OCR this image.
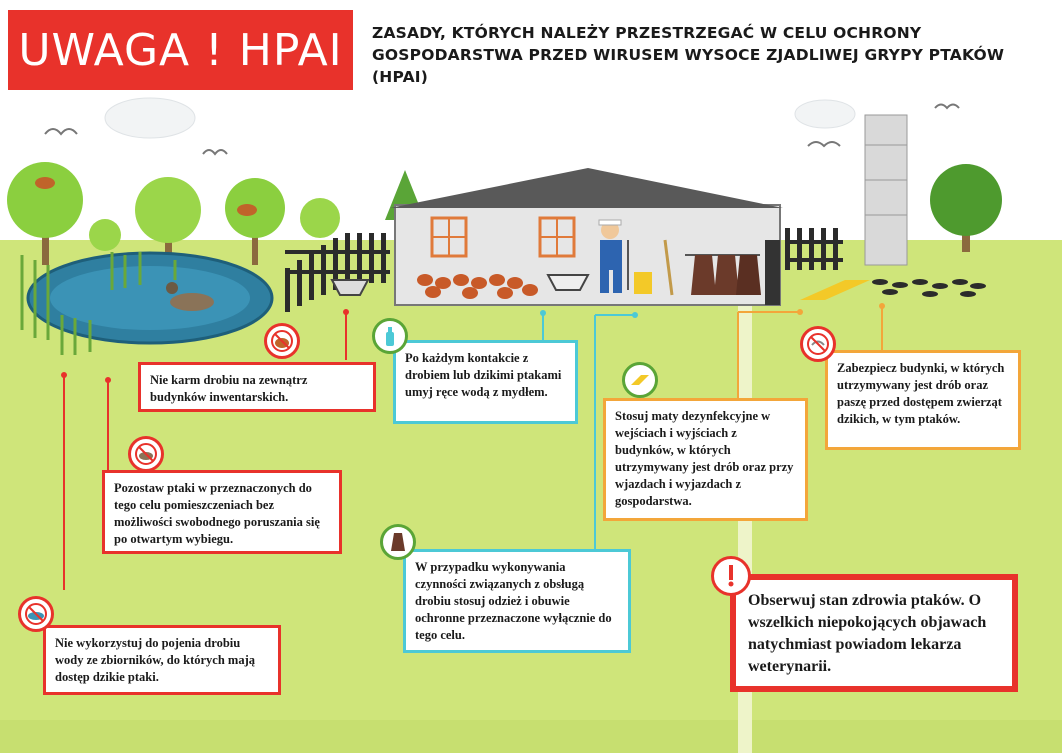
UWAGA ! HPAI ZASADY, KTÓRYCH NALEŻY PRZESTRZEGAĆ W CELU OCHRONY GOSPODARSTWA PRZED WIRUSEM WYSOCE ZJADLIWEJ GRYPY PTAKÓW (HPAI)
Nie karm drobiu na zewnątrz budynków inwentarskich.
Po każdym kontakcie z drobiem lub dzikimi ptakami umyj ręce wodą z mydłem.
Stosuj maty dezynfekcyjne w wejściach i wyjściach z budynków, w których utrzymywany jest drób oraz przy wjazdach i wyjazdach z gospodarstwa.
Zabezpiecz budynki, w których utrzymywany jest drób oraz paszę przed dostępem zwierząt dzikich, w tym ptaków.
Pozostaw ptaki w przeznaczonych do tego celu pomieszczeniach bez możliwości swobodnego poruszania się po otwartym wybiegu.
W przypadku wykonywania czynności związanych z obsługą drobiu stosuj odzież i obuwie ochronne przeznaczone wyłącznie do tego celu.
Nie wykorzystuj do pojenia drobiu wody ze zbiorników, do których mają dostęp dzikie ptaki.
Obserwuj stan zdrowia ptaków. O wszelkich niepokojących objawach natychmiast powiadom lekarza weterynarii.
